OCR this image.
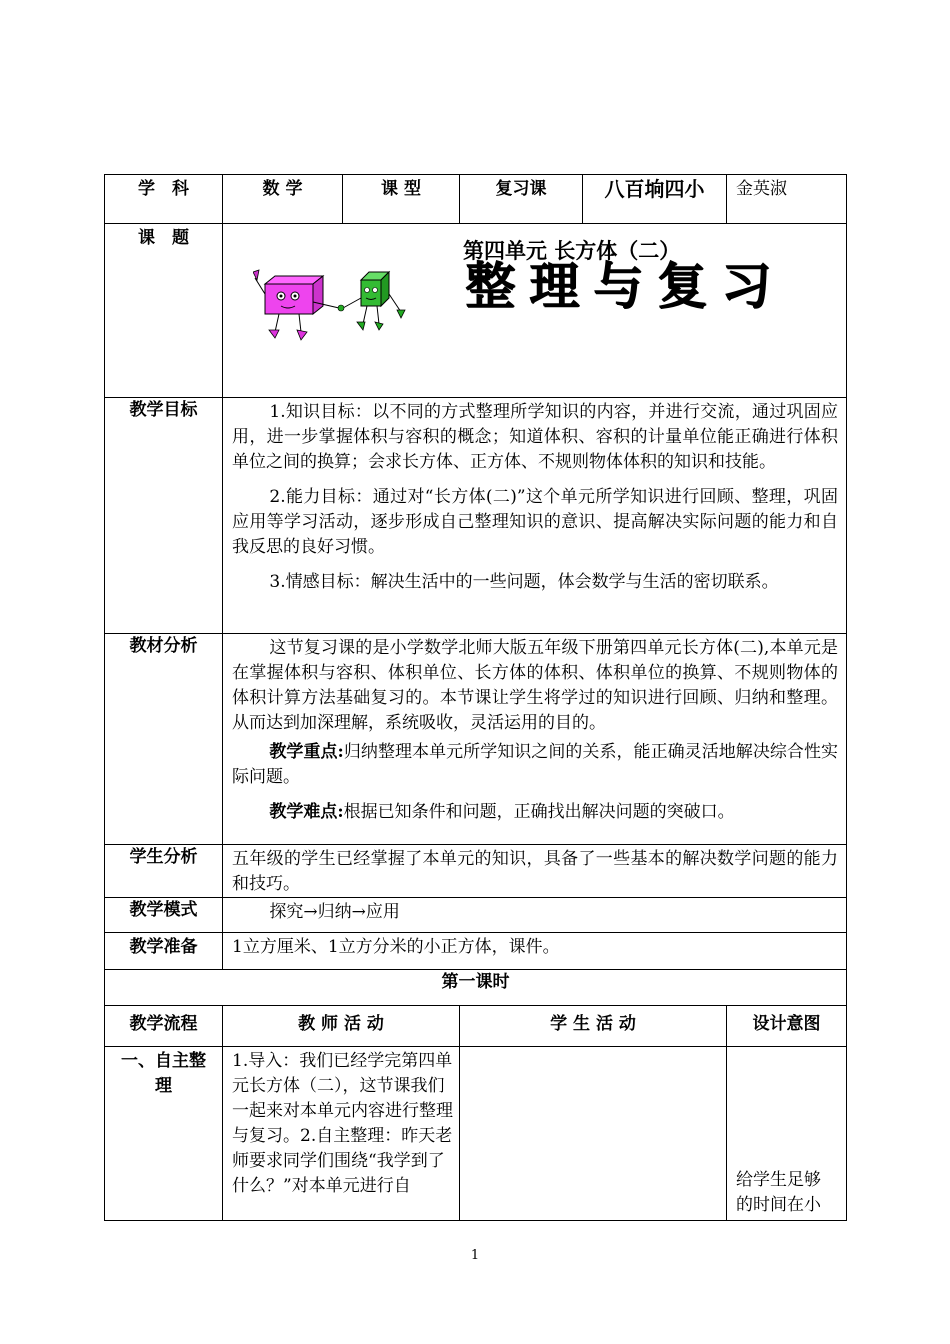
学　科	数 学	课 型	复习课	八百垧四小	金英淑
课　题	第四单元 长方体（二）
整理与复习				

教学目标	1.知识目标：以不同的方式整理所学知识的内容，并进行交流，通过巩固应用，进一步掌握体积与容积的概念；知道体积、容积的计量单位能正确进行体积单位之间的换算；会求长方体、正方体、不规则物体体积的知识和技能。

2.能力目标：通过对“长方体(二)”这个单元所学知识进行回顾、整理，巩固应用等学习活动，逐步形成自己整理知识的意识、提高解决实际问题的能力和自我反思的良好习惯。

3.情感目标：解决生活中的一些问题，体会数学与生活的密切联系。				

教材分析	这节复习课的是小学数学北师大版五年级下册第四单元长方体(二),本单元是在掌握体积与容积、体积单位、长方体的体积、体积单位的换算、不规则物体的体积计算方法基础复习的。本节课让学生将学过的知识进行回顾、归纳和整理。从而达到加深理解，系统吸收，灵活运用的目的。

教学重点:归纳整理本单元所学知识之间的关系，能正确灵活地解决综合性实际问题。

教学难点:根据已知条件和问题，正确找出解决问题的突破口。				

学生分析	五年级的学生已经掌握了本单元的知识，具备了一些基本的解决数学问题的能力和技巧。				
教学模式	探究→归纳→应用				

教学准备	1立方厘米、1立方分米的小正方体，课件。				
第一课时					
教学流程	教 师 活 动		学 生 活 动		设计意图

一、自主整理	1.导入：我们已经学完第四单元长方体（二），这节课我们一起来对本单元内容进行整理与复习。2.自主整理：昨天老师要求同学们围绕“我学到了什么？”对本单元进行自				给学生足够的时间在小
1
